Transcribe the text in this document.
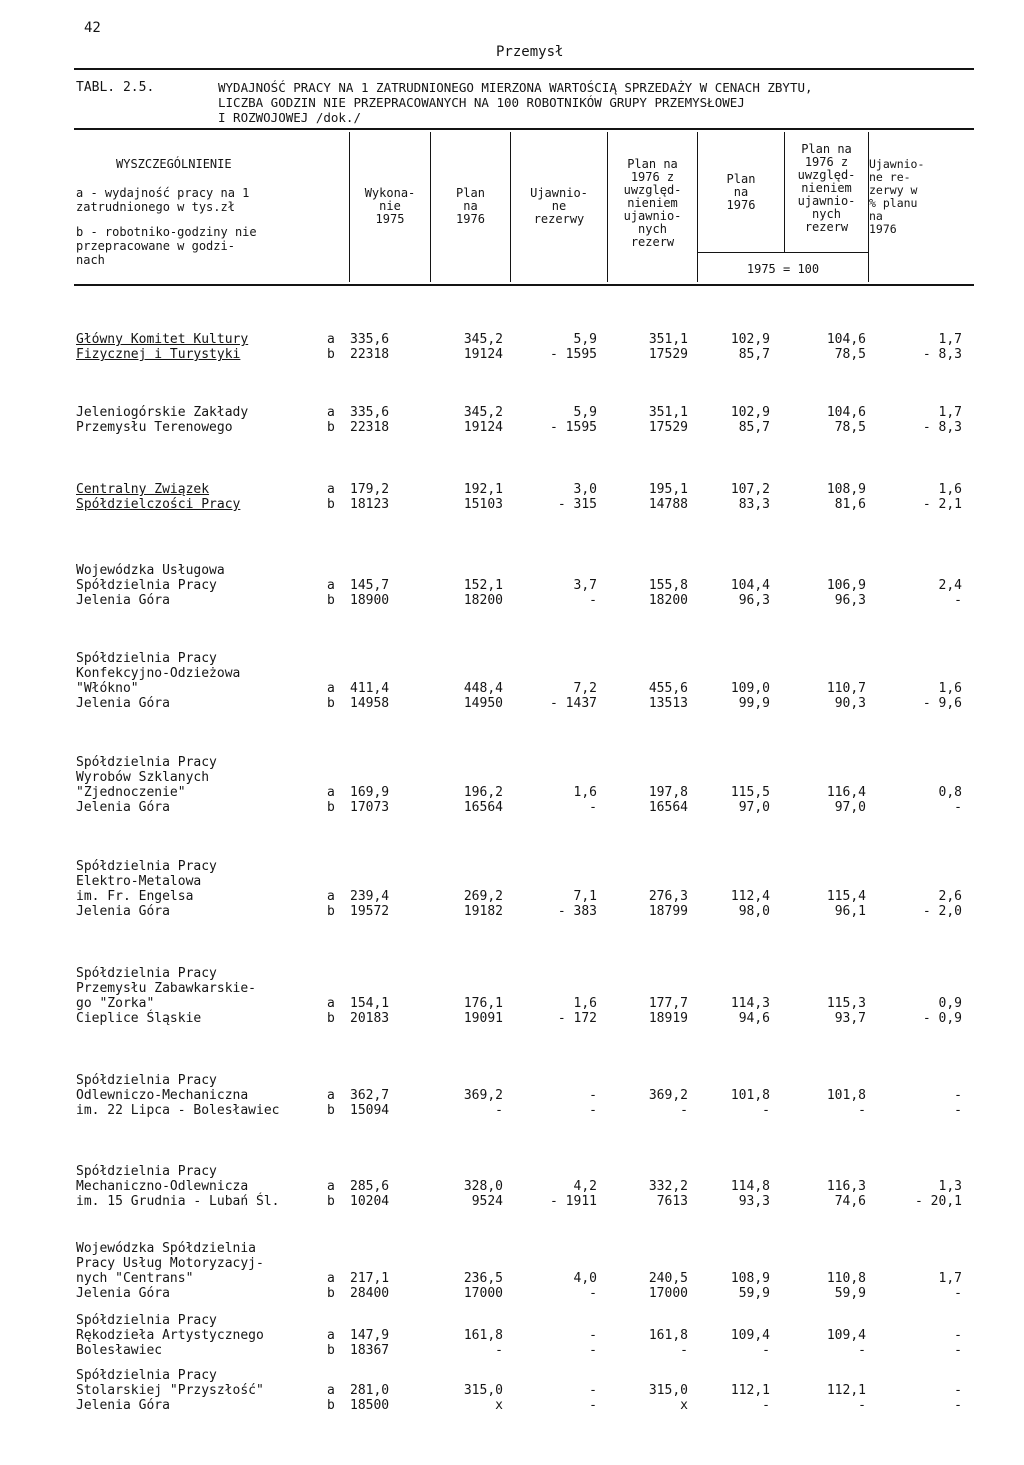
42
Przemysł
TABL. 2.5.	WYDAJNOŚĆ PRACY NA 1 ZATRUDNIONEGO MIERZONA WARTOŚCIĄ SPRZEDAŻY W CENACH ZBYTU,
LICZBA GODZIN NIE PRZEPRACOWANYCH NA 100 ROBOTNIKÓW GRUPY PRZEMYSŁOWEJ
I ROZWOJOWEJ /dok./
WYSZCZEGÓLNIENIE
a - wydajność pracy na 1
zatrudnionego w tys.zł
b - robotniko-godziny nie
przepracowane w godzi-
nach
Wykona-
nie
1975
Plan
na
1976
Ujawnio-
ne
rezerwy
Plan na
1976 z
uwzględ-
nieniem
ujawnio-
nych
rezerw
Plan
na
1976
Plan na
1976 z
uwzględ-
nieniem
ujawnio-
nych
rezerw
1975 = 100
Ujawnio-
ne re-
zerwy w
% planu
na
1976
Główny Komitet Kultury
Fizycznej i Turystyki
a 335,6	345,2	5,9	351,1	102,9	104,6	1,7
b 22318	19124	- 1595	17529	85,7	78,5	- 8,3
Jeleniogórskie Zakłady
Przemysłu Terenowego
a 335,6	345,2	5,9	351,1	102,9	104,6	1,7
b 22318	19124	- 1595	17529	85,7	78,5	- 8,3
Centralny Związek
Spółdzielczości Pracy
a 179,2	192,1	3,0	195,1	107,2	108,9	1,6
b 18123	15103	- 315	14788	83,3	81,6	- 2,1
Wojewódzka Usługowa
Spółdzielnia Pracy
Jelenia Góra
a 145,7	152,1	3,7	155,8	104,4	106,9	2,4
b 18900	18200	-	18200	96,3	96,3	-
Spółdzielnia Pracy
Konfekcyjno-Odzieżowa
"Włókno"
Jelenia Góra
a 411,4	448,4	7,2	455,6	109,0	110,7	1,6
b 14958	14950	- 1437	13513	99,9	90,3	- 9,6
Spółdzielnia Pracy
Wyrobów Szklanych
"Zjednoczenie"
Jelenia Góra
a 169,9	196,2	1,6	197,8	115,5	116,4	0,8
b 17073	16564	-	16564	97,0	97,0	-
Spółdzielnia Pracy
Elektro-Metalowa
im. Fr. Engelsa
Jelenia Góra
a 239,4	269,2	7,1	276,3	112,4	115,4	2,6
b 19572	19182	- 383	18799	98,0	96,1	- 2,0
Spółdzielnia Pracy
Przemysłu Zabawkarskie-
go "Zorka"
Cieplice Śląskie
a 154,1	176,1	1,6	177,7	114,3	115,3	0,9
b 20183	19091	- 172	18919	94,6	93,7	- 0,9
Spółdzielnia Pracy
Odlewniczo-Mechaniczna
im. 22 Lipca - Bolesławiec
a 362,7	369,2	-	369,2	101,8	101,8	-
b 15094	-	-	-	-	-	-
Spółdzielnia Pracy
Mechaniczno-Odlewnicza
im. 15 Grudnia - Lubań Śl.
a 285,6	328,0	4,2	332,2	114,8	116,3	1,3
b 10204	9524	- 1911	7613	93,3	74,6	- 20,1
Wojewódzka Spółdzielnia
Pracy Usług Motoryzacyj-
nych "Centrans"
Jelenia Góra
a 217,1	236,5	4,0	240,5	108,9	110,8	1,7
b 28400	17000	-	17000	59,9	59,9	-
Spółdzielnia Pracy
Rękodzieła Artystycznego
Bolesławiec
a 147,9	161,8	-	161,8	109,4	109,4	-
b 18367	-	-	-	-	-	-
Spółdzielnia Pracy
Stolarskiej "Przyszłość"
Jelenia Góra
a 281,0	315,0	-	315,0	112,1	112,1	-
b 18500	x	-	x	-	-	-
